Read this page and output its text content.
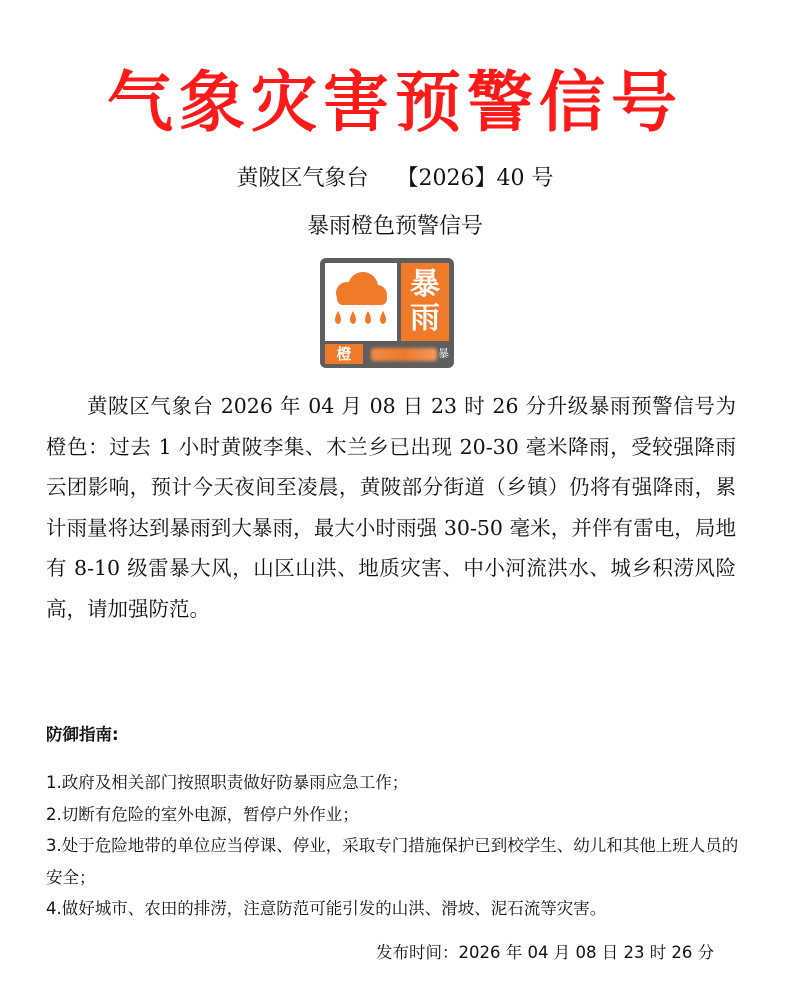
气象灾害预警信号
黄陂区气象台 【2026】40 号
暴雨橙色预警信号
暴
雨
橙	暴

黄陂区气象台 2026 年 04 月 08 日 23 时 26 分升级暴雨预警信号为橙色：过去 1 小时黄陂李集、木兰乡已出现 20-30 毫米降雨，受较强降雨云团影响，预计今天夜间至凌晨，黄陂部分街道（乡镇）仍将有强降雨，累计雨量将达到暴雨到大暴雨，最大小时雨强 30-50 毫米，并伴有雷电，局地有 8-10 级雷暴大风，山区山洪、地质灾害、中小河流洪水、城乡积涝风险高，请加强防范。

防御指南:
1.政府及相关部门按照职责做好防暴雨应急工作；
2.切断有危险的室外电源，暂停户外作业；
3.处于危险地带的单位应当停课、停业，采取专门措施保护已到校学生、幼儿和其他上班人员的安全；
4.做好城市、农田的排涝，注意防范可能引发的山洪、滑坡、泥石流等灾害。
发布时间：2026 年 04 月 08 日 23 时 26 分
